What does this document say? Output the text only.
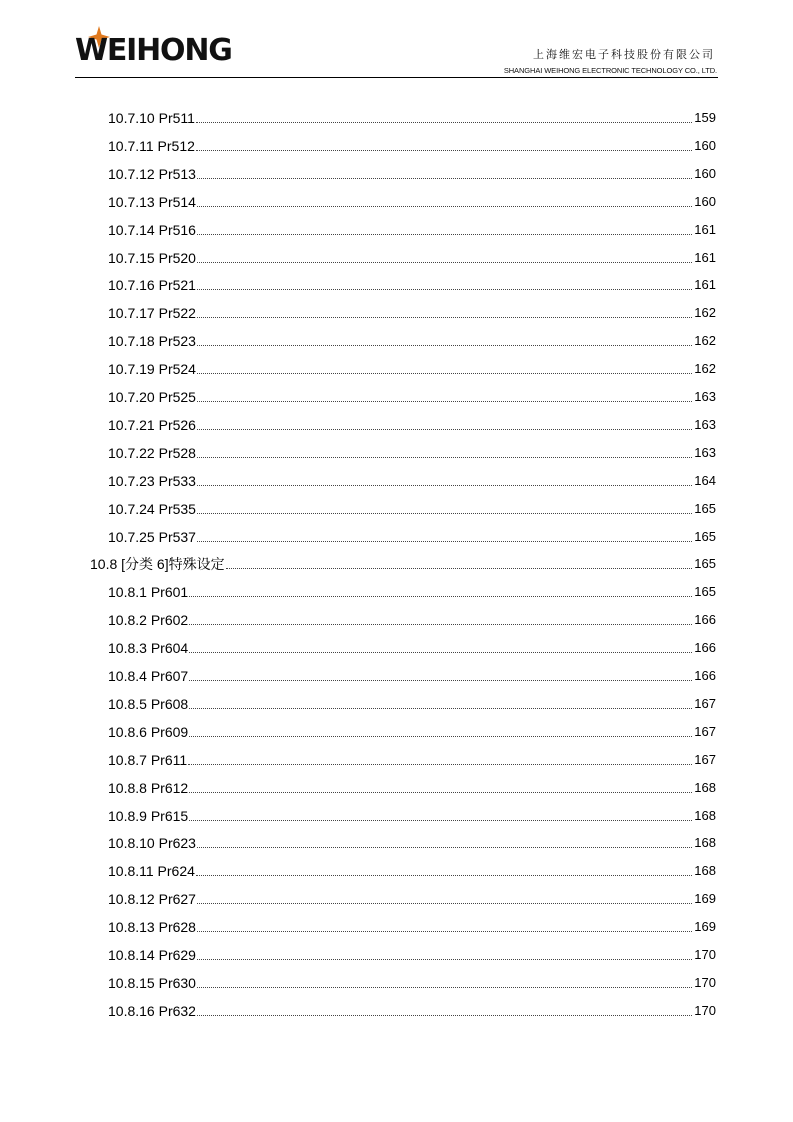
WEIHONG	上海维宏电子科技股份有限公司
SHANGHAI WEIHONG ELECTRONIC TECHNOLOGY CO., LTD.
10.7.10 Pr511	159
10.7.11 Pr512	160
10.7.12 Pr513	160
10.7.13 Pr514	160
10.7.14 Pr516	161
10.7.15 Pr520	161
10.7.16 Pr521	161
10.7.17 Pr522	162
10.7.18 Pr523	162
10.7.19 Pr524	162
10.7.20 Pr525	163
10.7.21 Pr526	163
10.7.22 Pr528	163
10.7.23 Pr533	164
10.7.24 Pr535	165
10.7.25 Pr537	165
10.8 [分类 6]特殊设定	165
10.8.1 Pr601	165
10.8.2 Pr602	166
10.8.3 Pr604	166
10.8.4 Pr607	166
10.8.5 Pr608	167
10.8.6 Pr609	167
10.8.7 Pr611	167
10.8.8 Pr612	168
10.8.9 Pr615	168
10.8.10 Pr623	168
10.8.11 Pr624	168
10.8.12 Pr627	169
10.8.13 Pr628	169
10.8.14 Pr629	170
10.8.15 Pr630	170
10.8.16 Pr632	170
